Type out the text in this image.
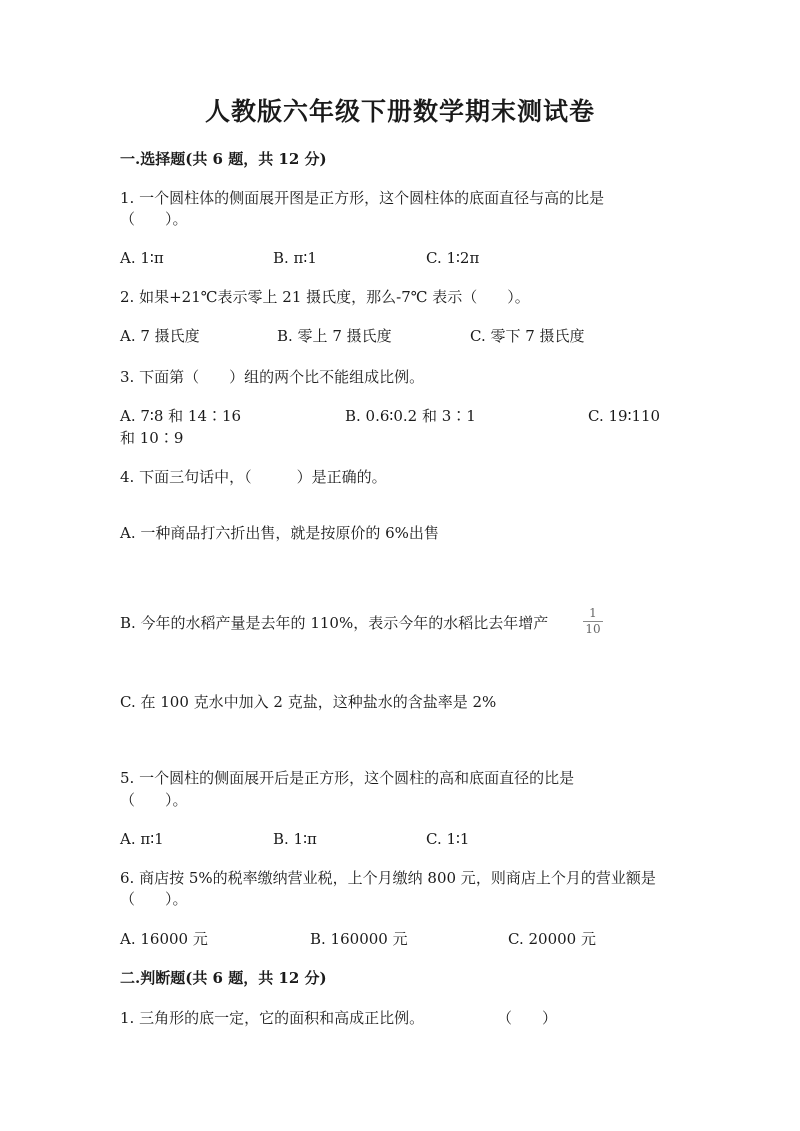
人教版六年级下册数学期末测试卷
一.选择题(共 6 题，共 12 分)
1. 一个圆柱体的侧面展开图是正方形，这个圆柱体的底面直径与高的比是
（　　）。
A. 1∶π	B. π∶1	C. 1∶2π
2. 如果+21℃表示零上 21 摄氏度，那么-7℃ 表示（　　）。
A. 7 摄氏度	B. 零上 7 摄氏度	C. 零下 7 摄氏度
3. 下面第（　　）组的两个比不能组成比例。
A. 7∶8 和 14∶16	B. 0.6∶0.2 和 3∶1	C. 19∶110
和 10∶9
4. 下面三句话中，（　　　）是正确的。
A. 一种商品打六折出售，就是按原价的 6%出售
B. 今年的水稻产量是去年的 110%，表示今年的水稻比去年增产
1
10
C. 在 100 克水中加入 2 克盐，这种盐水的含盐率是 2%
5. 一个圆柱的侧面展开后是正方形，这个圆柱的高和底面直径的比是
（　　）。
A. π∶1	B. 1∶π	C. 1∶1
6. 商店按 5%的税率缴纳营业税，上个月缴纳 800 元，则商店上个月的营业额是
（　　）。
A. 16000 元	B. 160000 元	C. 20000 元
二.判断题(共 6 题，共 12 分)
1. 三角形的底一定，它的面积和高成正比例。	（　　）
